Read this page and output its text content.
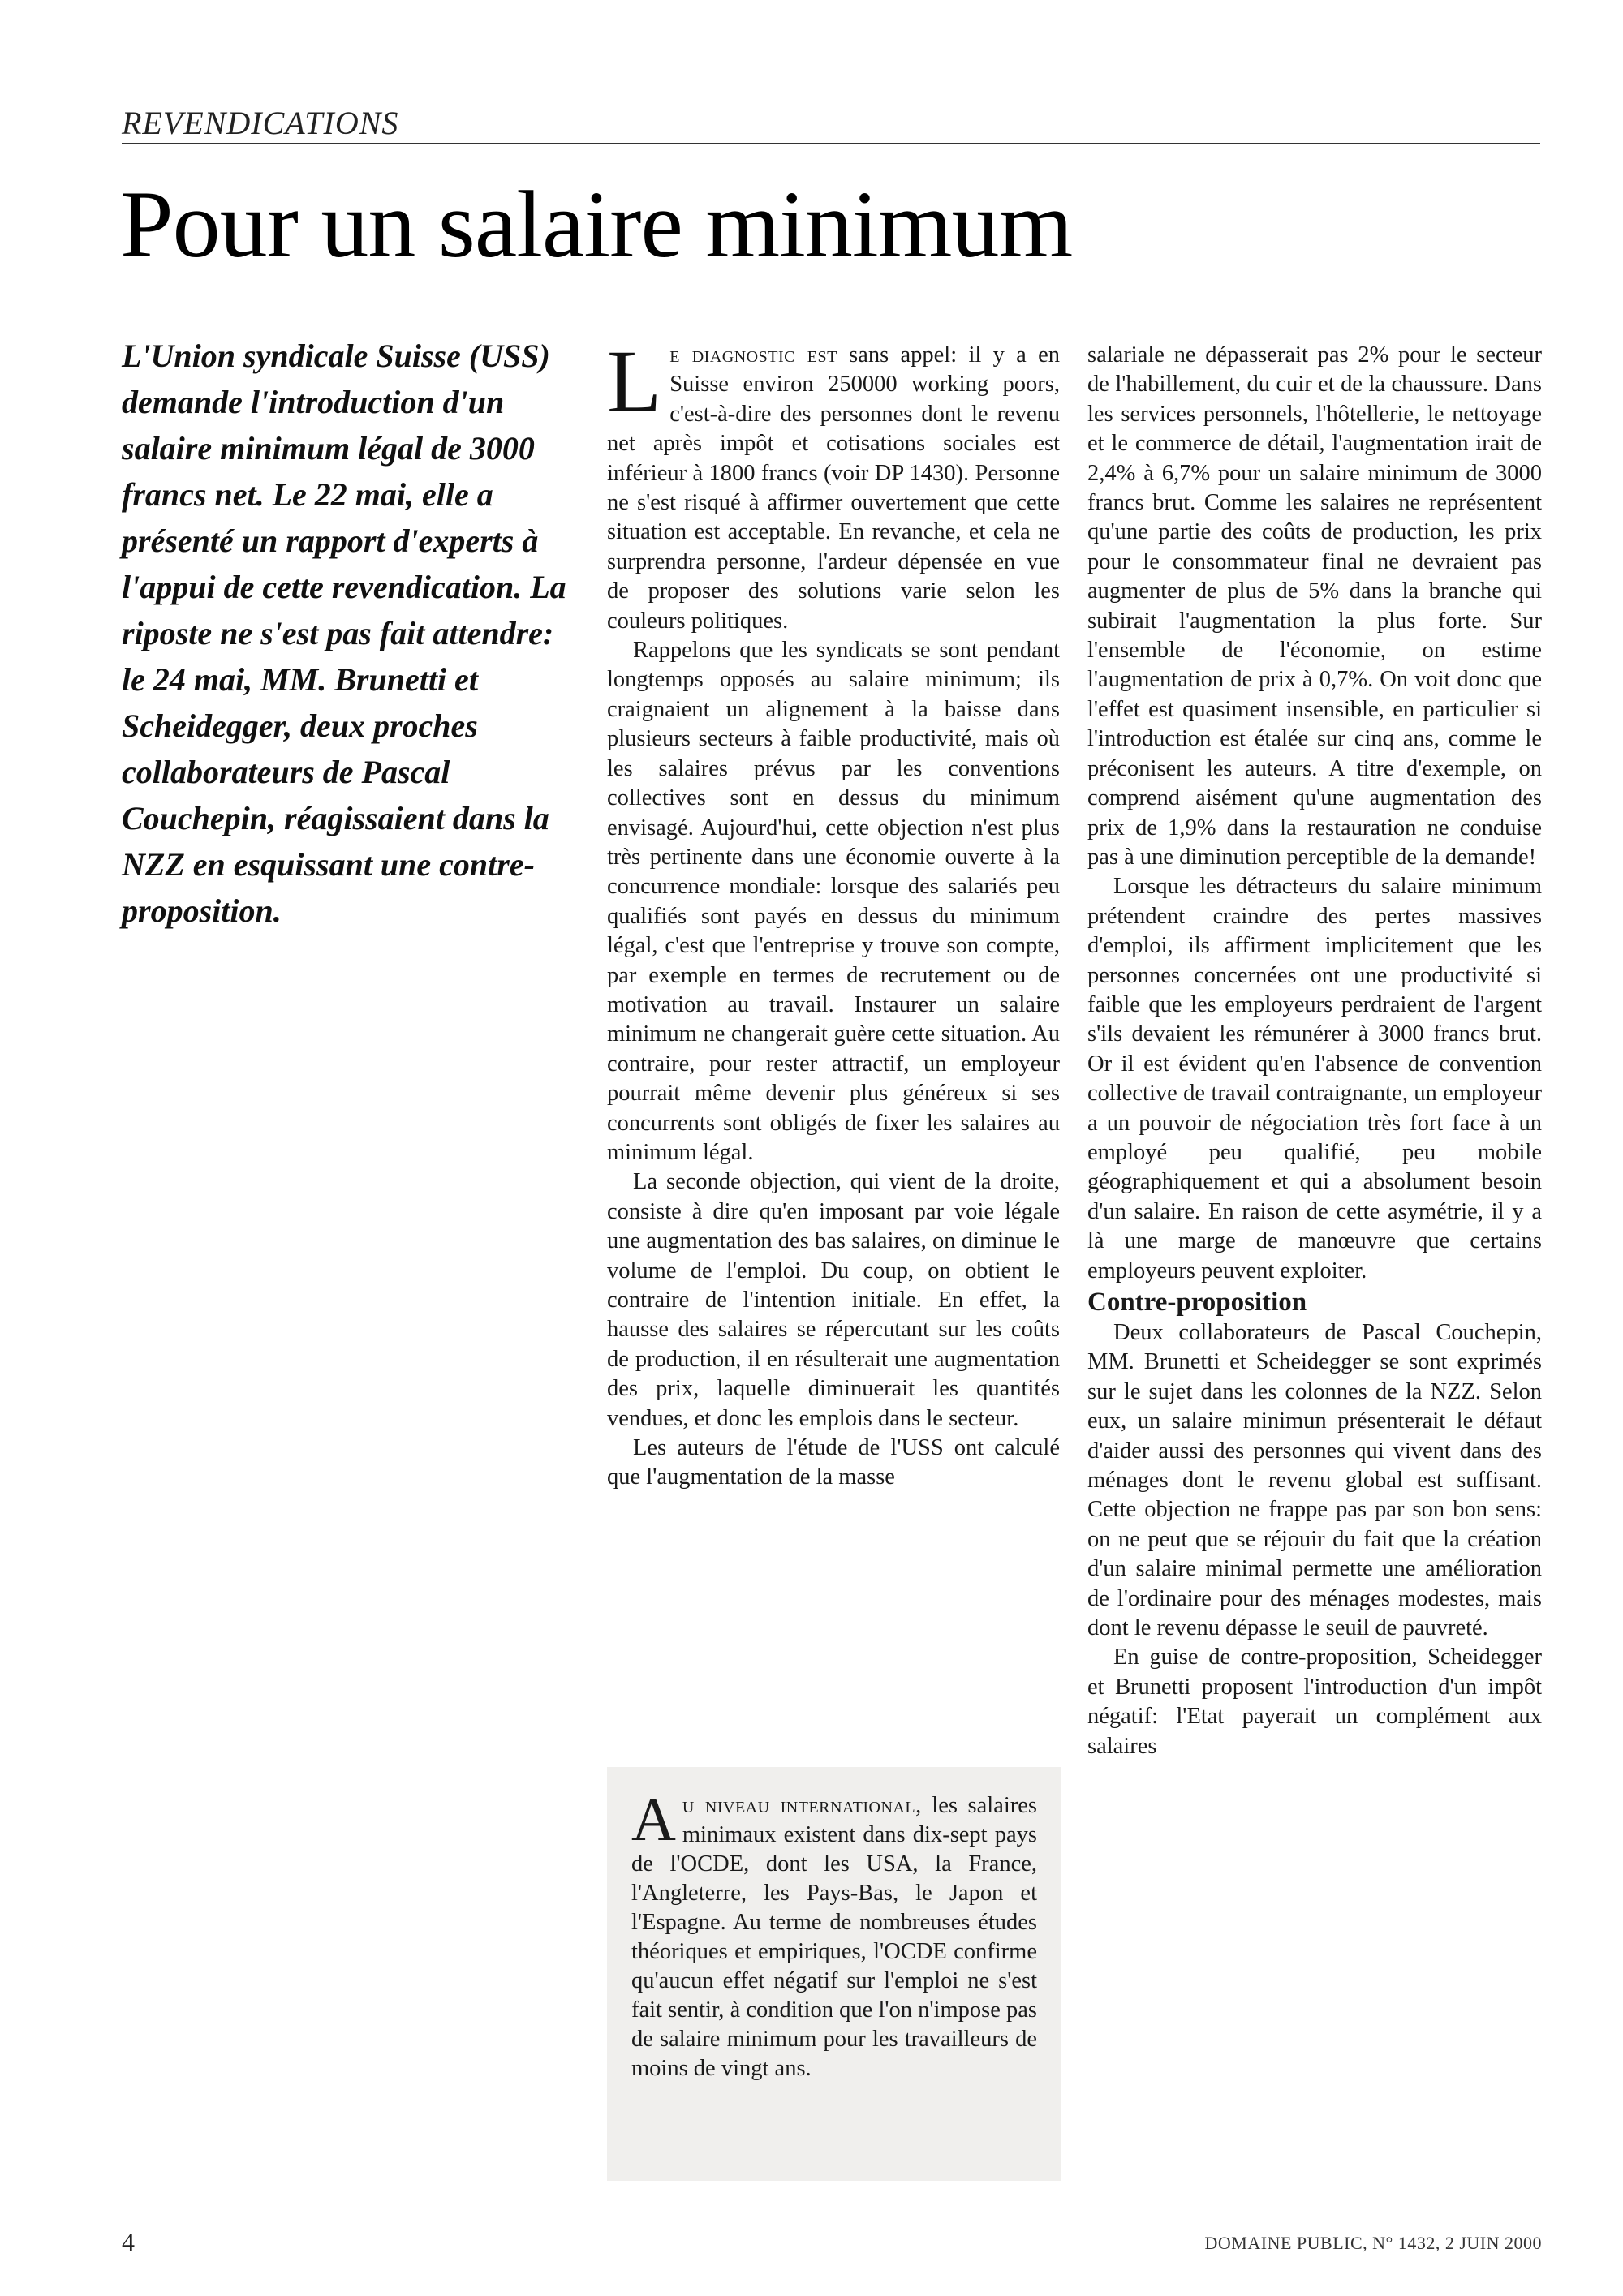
REVENDICATIONS
Pour un salaire minimum

L'Union syndicale Suisse (USS) demande l'introduction d'un salaire minimum légal de 3000 francs net. Le 22 mai, elle a présenté un rapport d'experts à l'appui de cette revendication. La riposte ne s'est pas fait attendre: le 24 mai, MM. Brunetti et Scheidegger, deux proches collaborateurs de Pascal Couchepin, réagissaient dans la NZZ en esquissant une contre-proposition.

Le diagnostic est sans appel: il y a en Suisse environ 250000 working poors, c'est-à-dire des personnes dont le revenu net après impôt et cotisations sociales est inférieur à 1800 francs (voir DP 1430). Personne ne s'est risqué à affirmer ouvertement que cette situation est acceptable. En revanche, et cela ne surprendra personne, l'ardeur dépensée en vue de proposer des solutions varie selon les couleurs politiques.

Rappelons que les syndicats se sont pendant longtemps opposés au salaire minimum; ils craignaient un alignement à la baisse dans plusieurs secteurs à faible productivité, mais où les salaires prévus par les conventions collectives sont en dessus du minimum envisagé. Aujourd'hui, cette objection n'est plus très pertinente dans une économie ouverte à la concurrence mondiale: lorsque des salariés peu qualifiés sont payés en dessus du minimum légal, c'est que l'entreprise y trouve son compte, par exemple en termes de recrutement ou de motivation au travail. Instaurer un salaire minimum ne changerait guère cette situation. Au contraire, pour rester attractif, un employeur pourrait même devenir plus généreux si ses concurrents sont obligés de fixer les salaires au minimum légal.

La seconde objection, qui vient de la droite, consiste à dire qu'en imposant par voie légale une augmentation des bas salaires, on diminue le volume de l'emploi. Du coup, on obtient le contraire de l'intention initiale. En effet, la hausse des salaires se répercutant sur les coûts de production, il en résulterait une augmentation des prix, laquelle diminuerait les quantités vendues, et donc les emplois dans le secteur.

Les auteurs de l'étude de l'USS ont calculé que l'augmentation de la masse

Au niveau international, les salaires minimaux existent dans dix-sept pays de l'OCDE, dont les USA, la France, l'Angleterre, les Pays-Bas, le Japon et l'Espagne. Au terme de nombreuses études théoriques et empiriques, l'OCDE confirme qu'aucun effet négatif sur l'emploi ne s'est fait sentir, à condition que l'on n'impose pas de salaire minimum pour les travailleurs de moins de vingt ans.

salariale ne dépasserait pas 2% pour le secteur de l'habillement, du cuir et de la chaussure. Dans les services personnels, l'hôtellerie, le nettoyage et le commerce de détail, l'augmentation irait de 2,4% à 6,7% pour un salaire minimum de 3000 francs brut. Comme les salaires ne représentent qu'une partie des coûts de production, les prix pour le consommateur final ne devraient pas augmenter de plus de 5% dans la branche qui subirait l'augmentation la plus forte. Sur l'ensemble de l'économie, on estime l'augmentation de prix à 0,7%. On voit donc que l'effet est quasiment insensible, en particulier si l'introduction est étalée sur cinq ans, comme le préconisent les auteurs. A titre d'exemple, on comprend aisément qu'une augmentation des prix de 1,9% dans la restauration ne conduise pas à une diminution perceptible de la demande!

Lorsque les détracteurs du salaire minimum prétendent craindre des pertes massives d'emploi, ils affirment implicitement que les personnes concernées ont une productivité si faible que les employeurs perdraient de l'argent s'ils devaient les rémunérer à 3000 francs brut. Or il est évident qu'en l'absence de convention collective de travail contraignante, un employeur a un pouvoir de négociation très fort face à un employé peu qualifié, peu mobile géographiquement et qui a absolument besoin d'un salaire. En raison de cette asymétrie, il y a là une marge de manœuvre que certains employeurs peuvent exploiter.

Contre-proposition

Deux collaborateurs de Pascal Couchepin, MM. Brunetti et Scheidegger se sont exprimés sur le sujet dans les colonnes de la NZZ. Selon eux, un salaire minimun présenterait le défaut d'aider aussi des personnes qui vivent dans des ménages dont le revenu global est suffisant. Cette objection ne frappe pas par son bon sens: on ne peut que se réjouir du fait que la création d'un salaire minimal permette une amélioration de l'ordinaire pour des ménages modestes, mais dont le revenu dépasse le seuil de pauvreté.

En guise de contre-proposition, Scheidegger et Brunetti proposent l'introduction d'un impôt négatif: l'Etat payerait un complément aux salaires

4	DOMAINE PUBLIC, N° 1432, 2 JUIN 2000
